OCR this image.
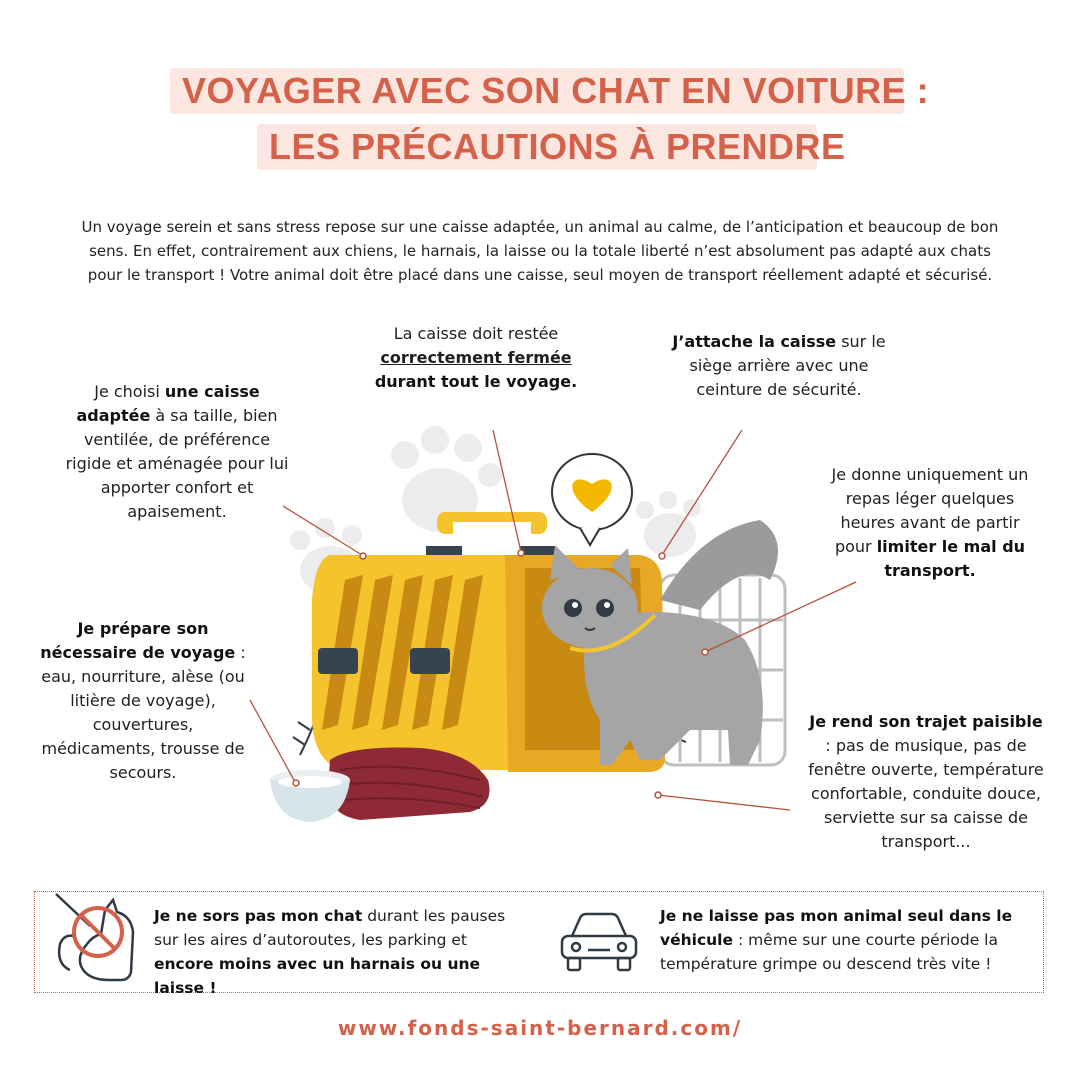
VOYAGER AVEC SON CHAT EN VOITURE :
LES PRÉCAUTIONS À PRENDRE
Un voyage serein et sans stress repose sur une caisse adaptée, un animal au calme, de l’anticipation et beaucoup de bon sens. En effet, contrairement aux chiens, le harnais, la laisse ou la totale liberté n’est absolument pas adapté aux chats pour le transport ! Votre animal doit être placé dans une caisse, seul moyen de transport réellement adapté et sécurisé.
Je choisi une caisse adaptée à sa taille, bien ventilée, de préférence rigide et aménagée pour lui apporter confort et apaisement.
La caisse doit restée
correctement fermée
durant tout le voyage.
J’attache la caisse sur le siège arrière avec une ceinture de sécurité.
Je donne uniquement un repas léger quelques heures avant de partir pour limiter le mal du transport.
Je prépare son nécessaire de voyage : eau, nourriture, alèse (ou litière de voyage), couvertures, médicaments, trousse de secours.
Je rend son trajet paisible : pas de musique, pas de fenêtre ouverte, température confortable, conduite douce, serviette sur sa caisse de transport...
Je ne sors pas mon chat durant les pauses sur les aires d’autoroutes, les parking et encore moins avec un harnais ou une laisse !
Je ne laisse pas mon animal seul dans le véhicule : même sur une courte période la température grimpe ou descend très vite !
www.fonds-saint-bernard.com/
